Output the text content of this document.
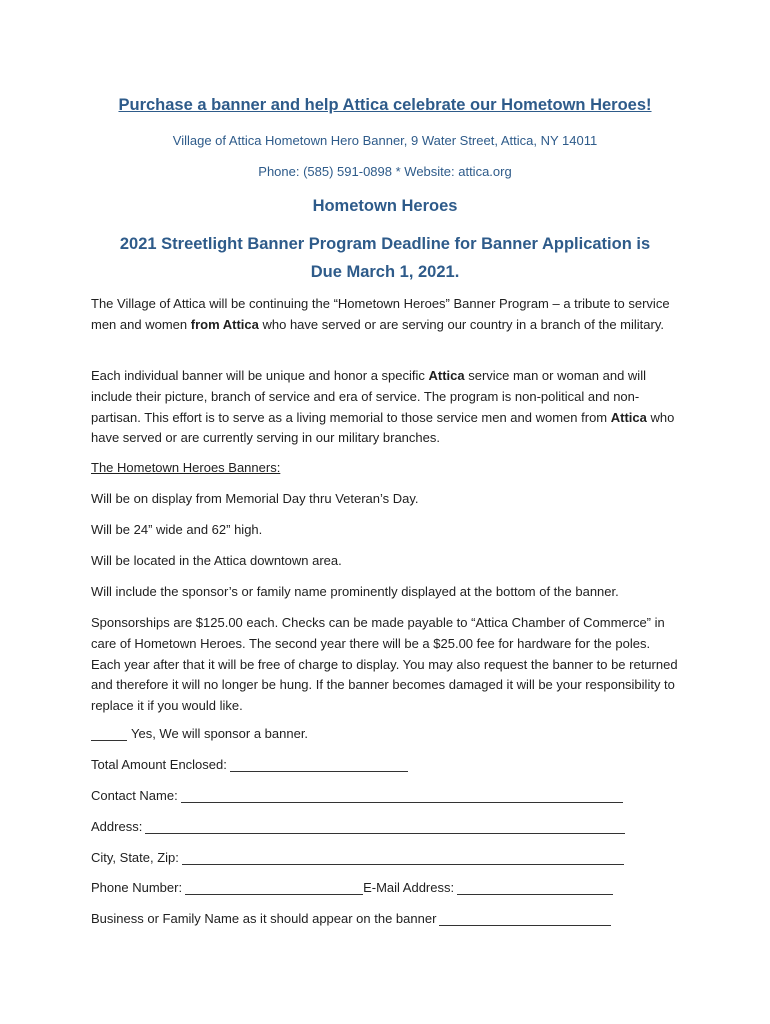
Purchase a banner and help Attica celebrate our Hometown Heroes!
Village of Attica Hometown Hero Banner, 9 Water Street, Attica, NY 14011
Phone: (585) 591-0898 * Website: attica.org
Hometown Heroes
2021 Streetlight Banner Program Deadline for Banner Application is
Due March 1, 2021.
The Village of Attica will be continuing the “Hometown Heroes” Banner Program – a tribute to service men and women from Attica who have served or are serving our country in a branch of the military.
Each individual banner will be unique and honor a specific Attica service man or woman and will include their picture, branch of service and era of service. The program is non-political and non-partisan. This effort is to serve as a living memorial to those service men and women from Attica who have served or are currently serving in our military branches.
The Hometown Heroes Banners:
Will be on display from Memorial Day thru Veteran’s Day.
Will be 24” wide and 62” high.
Will be located in the Attica downtown area.
Will include the sponsor’s or family name prominently displayed at the bottom of the banner.
Sponsorships are $125.00 each. Checks can be made payable to “Attica Chamber of Commerce” in care of Hometown Heroes. The second year there will be a $25.00 fee for hardware for the poles. Each year after that it will be free of charge to display. You may also request the banner to be returned and therefore it will no longer be hung. If the banner becomes damaged it will be your responsibility to replace it if you would like.
Yes, We will sponsor a banner.
Total Amount Enclosed:
Contact Name:
Address:
City, State, Zip:
Phone Number:	E-Mail Address:
Business or Family Name as it should appear on the banner
